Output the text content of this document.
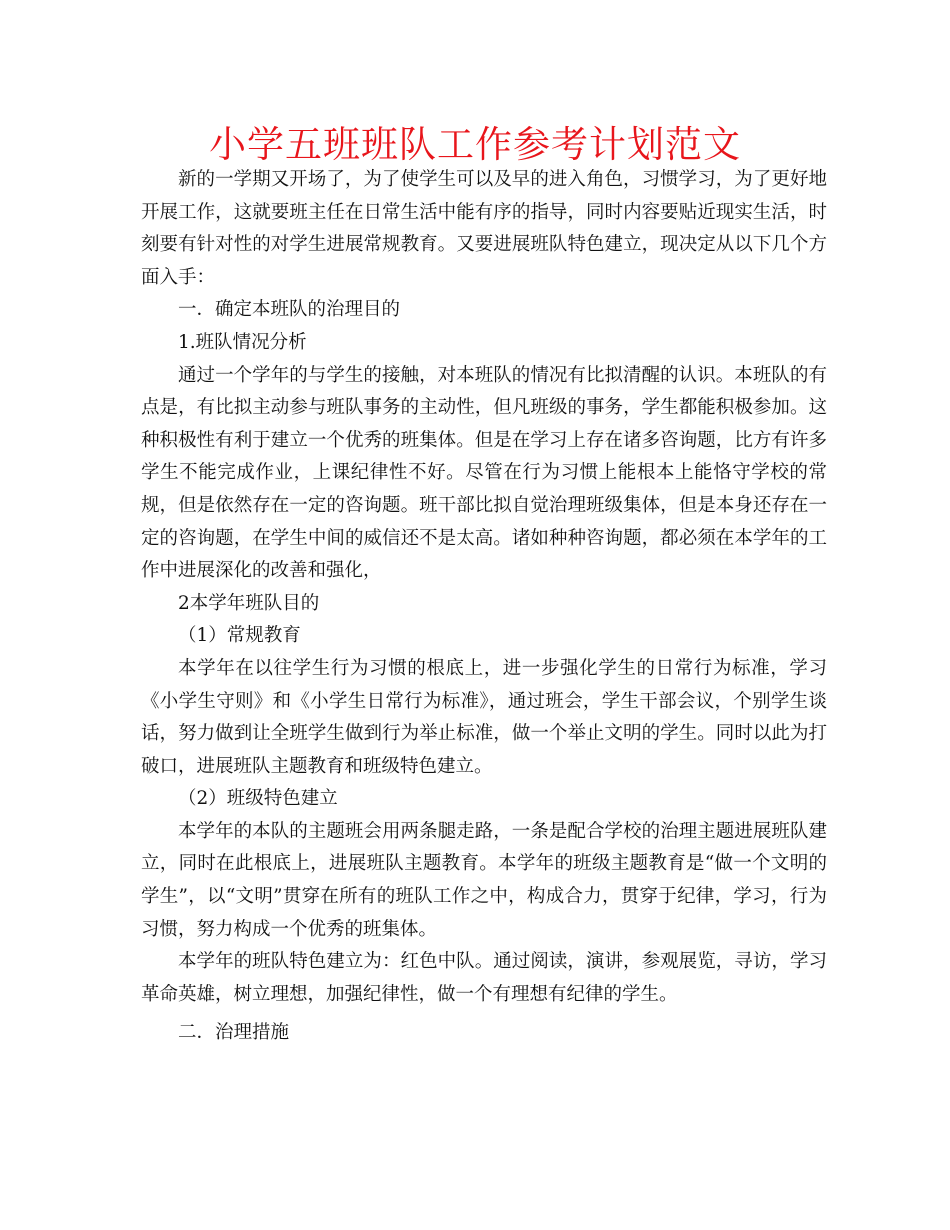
小学五班班队工作参考计划范文

新的一学期又开场了，为了使学生可以及早的进入角色，习惯学习，为了更好地开展工作，这就要班主任在日常生活中能有序的指导，同时内容要贴近现实生活，时刻要有针对性的对学生进展常规教育。又要进展班队特色建立，现决定从以下几个方面入手：

一．确定本班队的治理目的

1.班队情况分析

通过一个学年的与学生的接触，对本班队的情况有比拟清醒的认识。本班队的有点是，有比拟主动参与班队事务的主动性，但凡班级的事务，学生都能积极参加。这种积极性有利于建立一个优秀的班集体。但是在学习上存在诸多咨询题，比方有许多学生不能完成作业，上课纪律性不好。尽管在行为习惯上能根本上能恪守学校的常规，但是依然存在一定的咨询题。班干部比拟自觉治理班级集体，但是本身还存在一定的咨询题，在学生中间的威信还不是太高。诸如种种咨询题，都必须在本学年的工作中进展深化的改善和强化，

2本学年班队目的

（1）常规教育

本学年在以往学生行为习惯的根底上，进一步强化学生的日常行为标准，学习《小学生守则》和《小学生日常行为标准》，通过班会，学生干部会议，个别学生谈话，努力做到让全班学生做到行为举止标准，做一个举止文明的学生。同时以此为打破口，进展班队主题教育和班级特色建立。

（2）班级特色建立

本学年的本队的主题班会用两条腿走路，一条是配合学校的治理主题进展班队建立，同时在此根底上，进展班队主题教育。本学年的班级主题教育是“做一个文明的学生”，以“文明”贯穿在所有的班队工作之中，构成合力，贯穿于纪律，学习，行为习惯，努力构成一个优秀的班集体。

本学年的班队特色建立为：红色中队。通过阅读，演讲，参观展览，寻访，学习革命英雄，树立理想，加强纪律性，做一个有理想有纪律的学生。

二．治理措施
